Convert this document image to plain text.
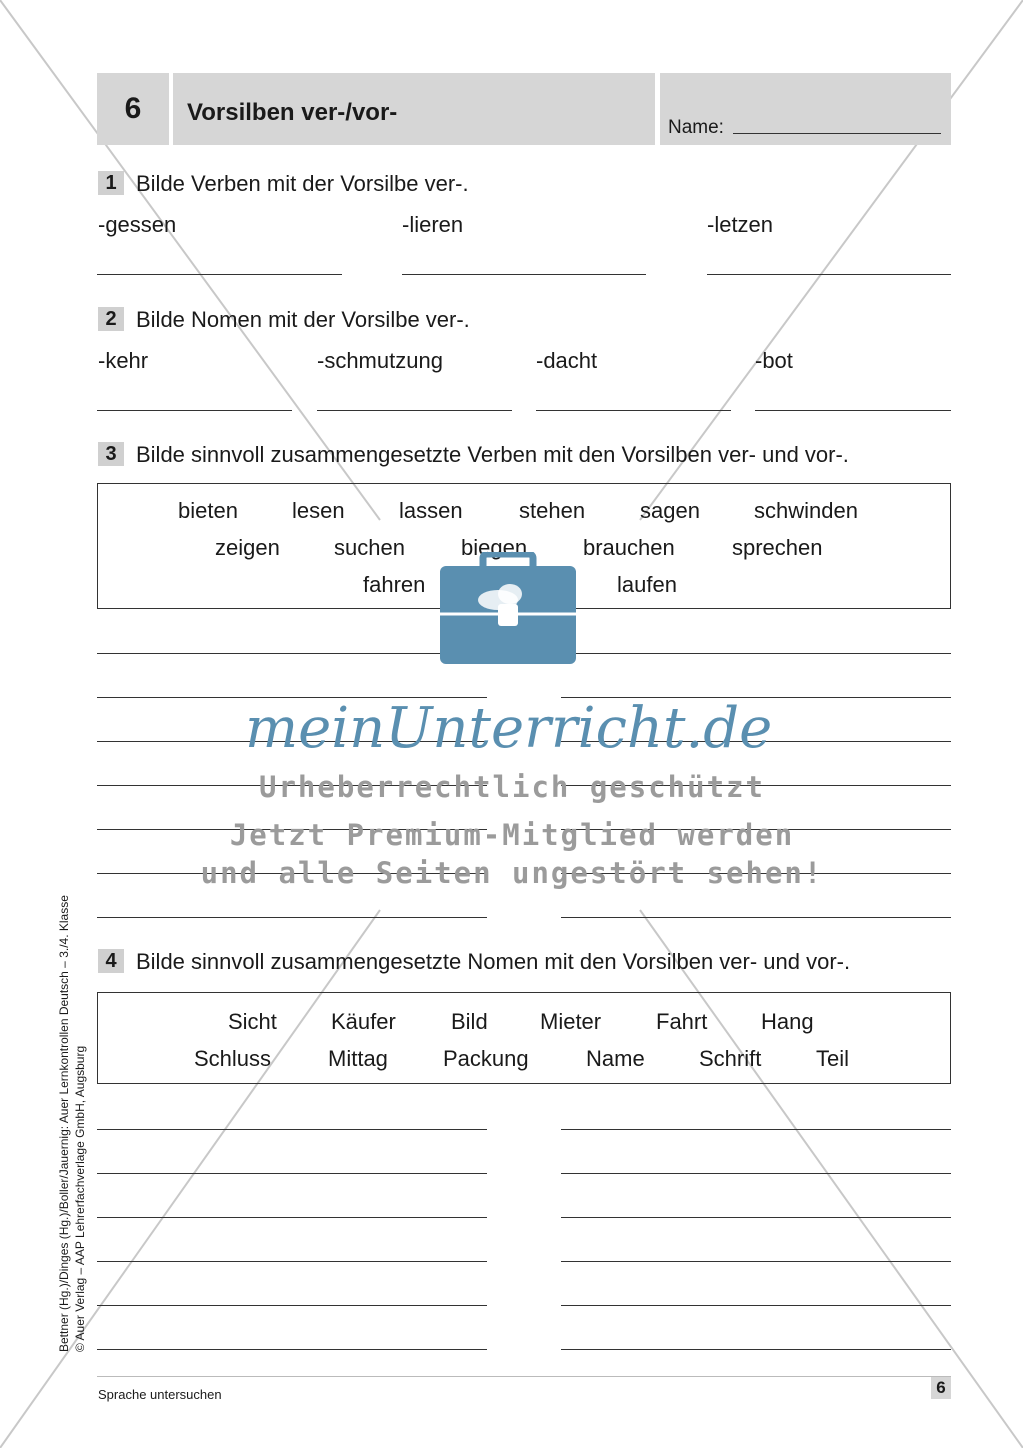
6	Vorsilben ver-/vor-
Name:
1 Bilde Verben mit der Vorsilbe ver-.
-gessen	-lieren	-letzen
2 Bilde Nomen mit der Vorsilbe ver-.
-kehr	-schmutzung	-dacht	-bot
3 Bilde sinnvoll zusammengesetzte Verben mit den Vorsilben ver- und vor-.
bieten lesen lassen	stehen sagen schwinden
zeigen suchen	biegen	brauchen	sprechen
fahren	laufen
4 Bilde sinnvoll zusammengesetzte Nomen mit den Vorsilben ver- und vor-.
Sicht Käufer	Bild Mieter Fahrt Hang
Schluss	Mittag	Packung	Name Schrift Teil
meinUnterricht.de
Urheberrechtlich geschützt
Jetzt Premium-Mitglied werden
und alle Seiten ungestört sehen!
Bettner (Hg.)/Dinges (Hg.)/Boller/Jauernig: Auer Lernkontrollen Deutsch – 3./4. Klasse © Auer Verlag – AAP Lehrerfachverlage GmbH, Augsburg
Sprache untersuchen	6
